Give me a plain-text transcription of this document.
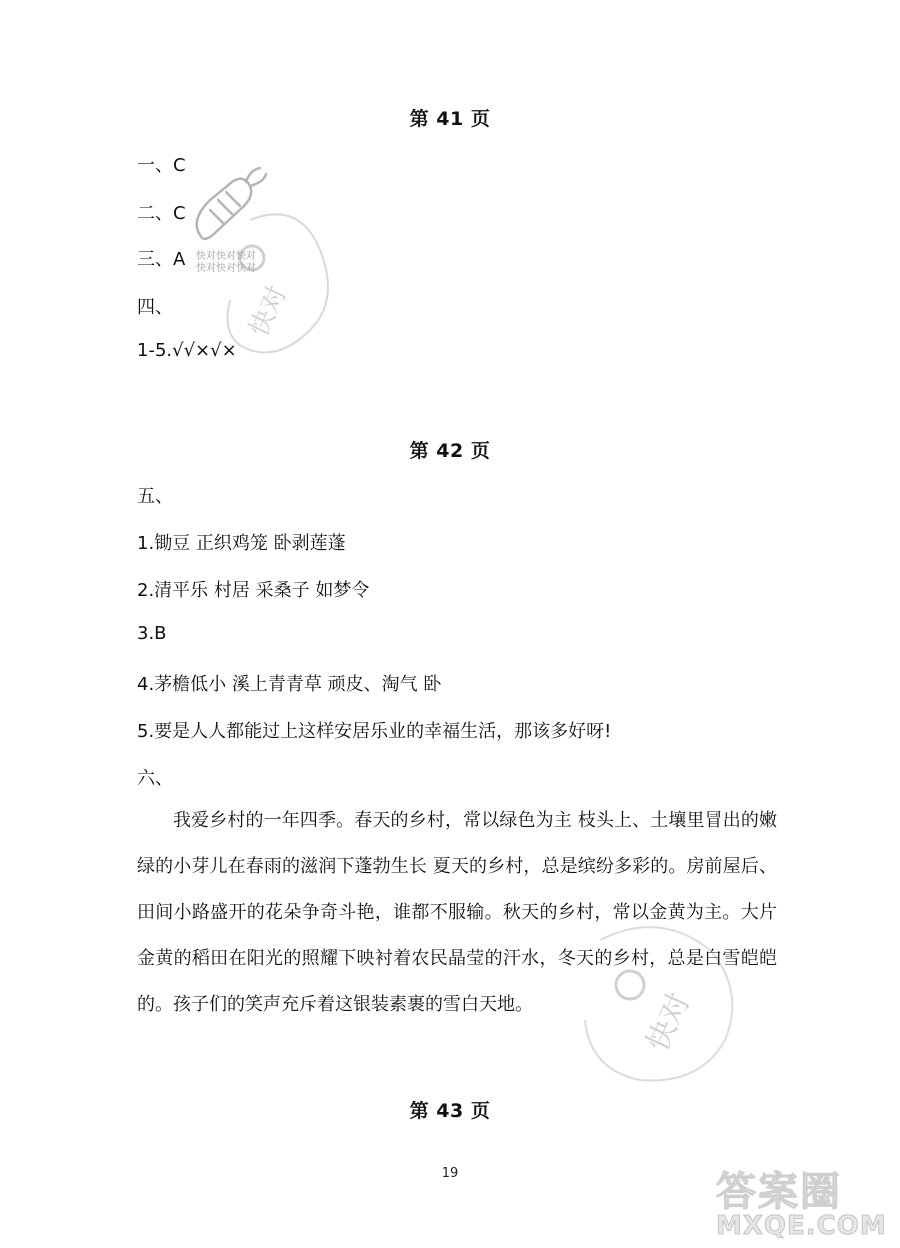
快对
快对快对快对
快对快对快对
快对
第 41 页
一、C
二、C
三、A
四、
1-5.√√×√×
第 42 页
五、
1.锄豆 正织鸡笼 卧剥莲蓬
2.清平乐 村居 采桑子 如梦令
3.B
4.茅檐低小 溪上青青草 顽皮、淘气 卧
5.要是人人都能过上这样安居乐业的幸福生活，那该多好呀!
六、
我爱乡村的一年四季。春天的乡村，常以绿色为主 枝头上、土壤里冒出的嫩绿的小芽儿在春雨的滋润下蓬勃生长 夏天的乡村，总是缤纷多彩的。房前屋后、田间小路盛开的花朵争奇斗艳，谁都不服输。秋天的乡村，常以金黄为主。大片金黄的稻田在阳光的照耀下映衬着农民晶莹的汗水，冬天的乡村，总是白雪皑皑的。孩子们的笑声充斥着这银装素裹的雪白天地。
第 43 页
19	答案圈
MXQE.COM
